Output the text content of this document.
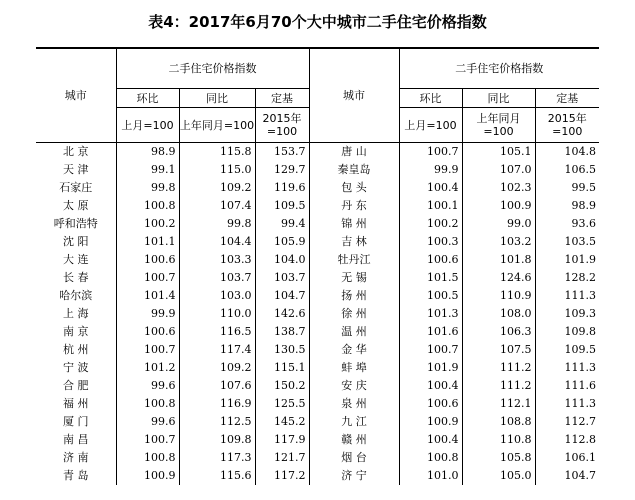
表4：2017年6月70个大中城市二手住宅价格指数
城市	二手住宅价格指数			城市	二手住宅价格指数		
	环比	同比	定基		环比	同比	定基
	上月=100	上年同月=100	2015年=100		上月=100	上年同月=100	2015年=100
北 京	98.9	115.8	153.7	唐 山	100.7	105.1	104.8
天 津	99.1	115.0	129.7	秦皇岛	99.9	107.0	106.5
石家庄	99.8	109.2	119.6	包 头	100.4	102.3	99.5
太 原	100.8	107.4	109.5	丹 东	100.1	100.9	98.9
呼和浩特	100.2	99.8	99.4	锦 州	100.2	99.0	93.6
沈 阳	101.1	104.4	105.9	吉 林	100.3	103.2	103.5
大 连	100.6	103.3	104.0	牡丹江	100.6	101.8	101.9
长 春	100.7	103.7	103.7	无 锡	101.5	124.6	128.2
哈尔滨	101.4	103.0	104.7	扬 州	100.5	110.9	111.3
上 海	99.9	110.0	142.6	徐 州	101.3	108.0	109.3
南 京	100.6	116.5	138.7	温 州	101.6	106.3	109.8
杭 州	100.7	117.4	130.5	金 华	100.7	107.5	109.5
宁 波	101.2	109.2	115.1	蚌 埠	101.9	111.2	111.3
合 肥	99.6	107.6	150.2	安 庆	100.4	111.2	111.6
福 州	100.8	116.9	125.5	泉 州	100.6	112.1	111.3
厦 门	99.6	112.5	145.2	九 江	100.9	108.8	112.7
南 昌	100.7	109.8	117.9	赣 州	100.4	110.8	112.8
济 南	100.8	117.3	121.7	烟 台	100.8	105.8	106.1
青 岛	100.9	115.6	117.2	济 宁	101.0	105.0	104.7
